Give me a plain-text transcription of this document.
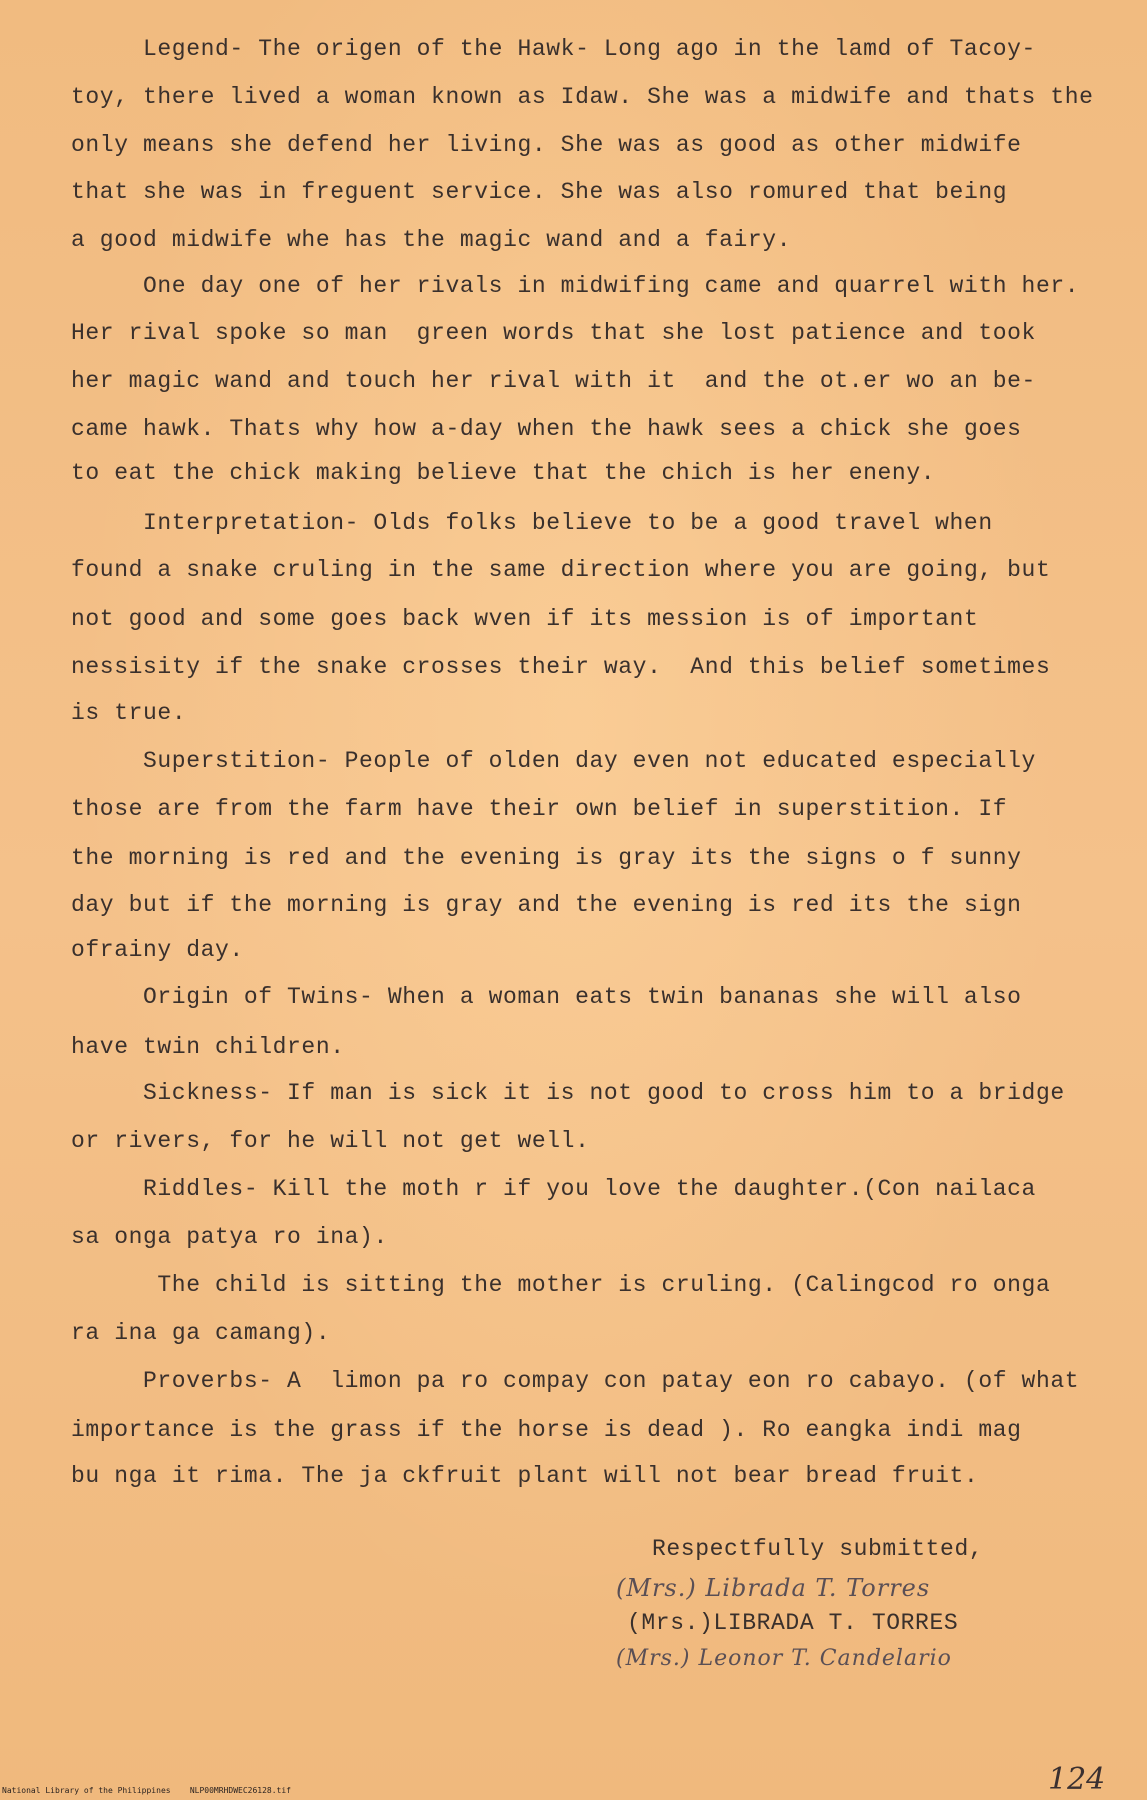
Legend- The origen of the Hawk- Long ago in the lamd of Tacoy-
toy, there lived a woman known as Idaw. She was a midwife and thats the
only means she defend her living. She was as good as other midwife
that she was in freguent service. She was also romured that being
a good midwife whe has the magic wand and a fairy.
One day one of her rivals in midwifing came and quarrel with her.
Her rival spoke so man  green words that she lost patience and took
her magic wand and touch her rival with it  and the ot.er wo an be-
came hawk. Thats why how a-day when the hawk sees a chick she goes
to eat the chick making believe that the chich is her eneny.
Interpretation- Olds folks believe to be a good travel when
found a snake cruling in the same direction where you are going, but
not good and some goes back wven if its mession is of important
nessisity if the snake crosses their way.  And this belief sometimes
is true.
Superstition- People of olden day even not educated especially
those are from the farm have their own belief in superstition. If
the morning is red and the evening is gray its the signs o f sunny
day but if the morning is gray and the evening is red its the sign
ofrainy day.
Origin of Twins- When a woman eats twin bananas she will also
have twin children.
Sickness- If man is sick it is not good to cross him to a bridge
or rivers, for he will not get well.
Riddles- Kill the moth r if you love the daughter.(Con nailaca
sa onga patya ro ina).
The child is sitting the mother is cruling. (Calingcod ro onga
ra ina ga camang).
Proverbs- A  limon pa ro compay con patay eon ro cabayo. (of what
importance is the grass if the horse is dead ). Ro eangka indi mag
bu nga it rima. The ja ckfruit plant will not bear bread fruit.
Respectfully submitted,
(Mrs.) Librada T. Torres
(Mrs.)LIBRADA T. TORRES
(Mrs.) Leonor T. Candelario
124
National Library of the Philippines    NLP00MRHDWEC26128.tif
